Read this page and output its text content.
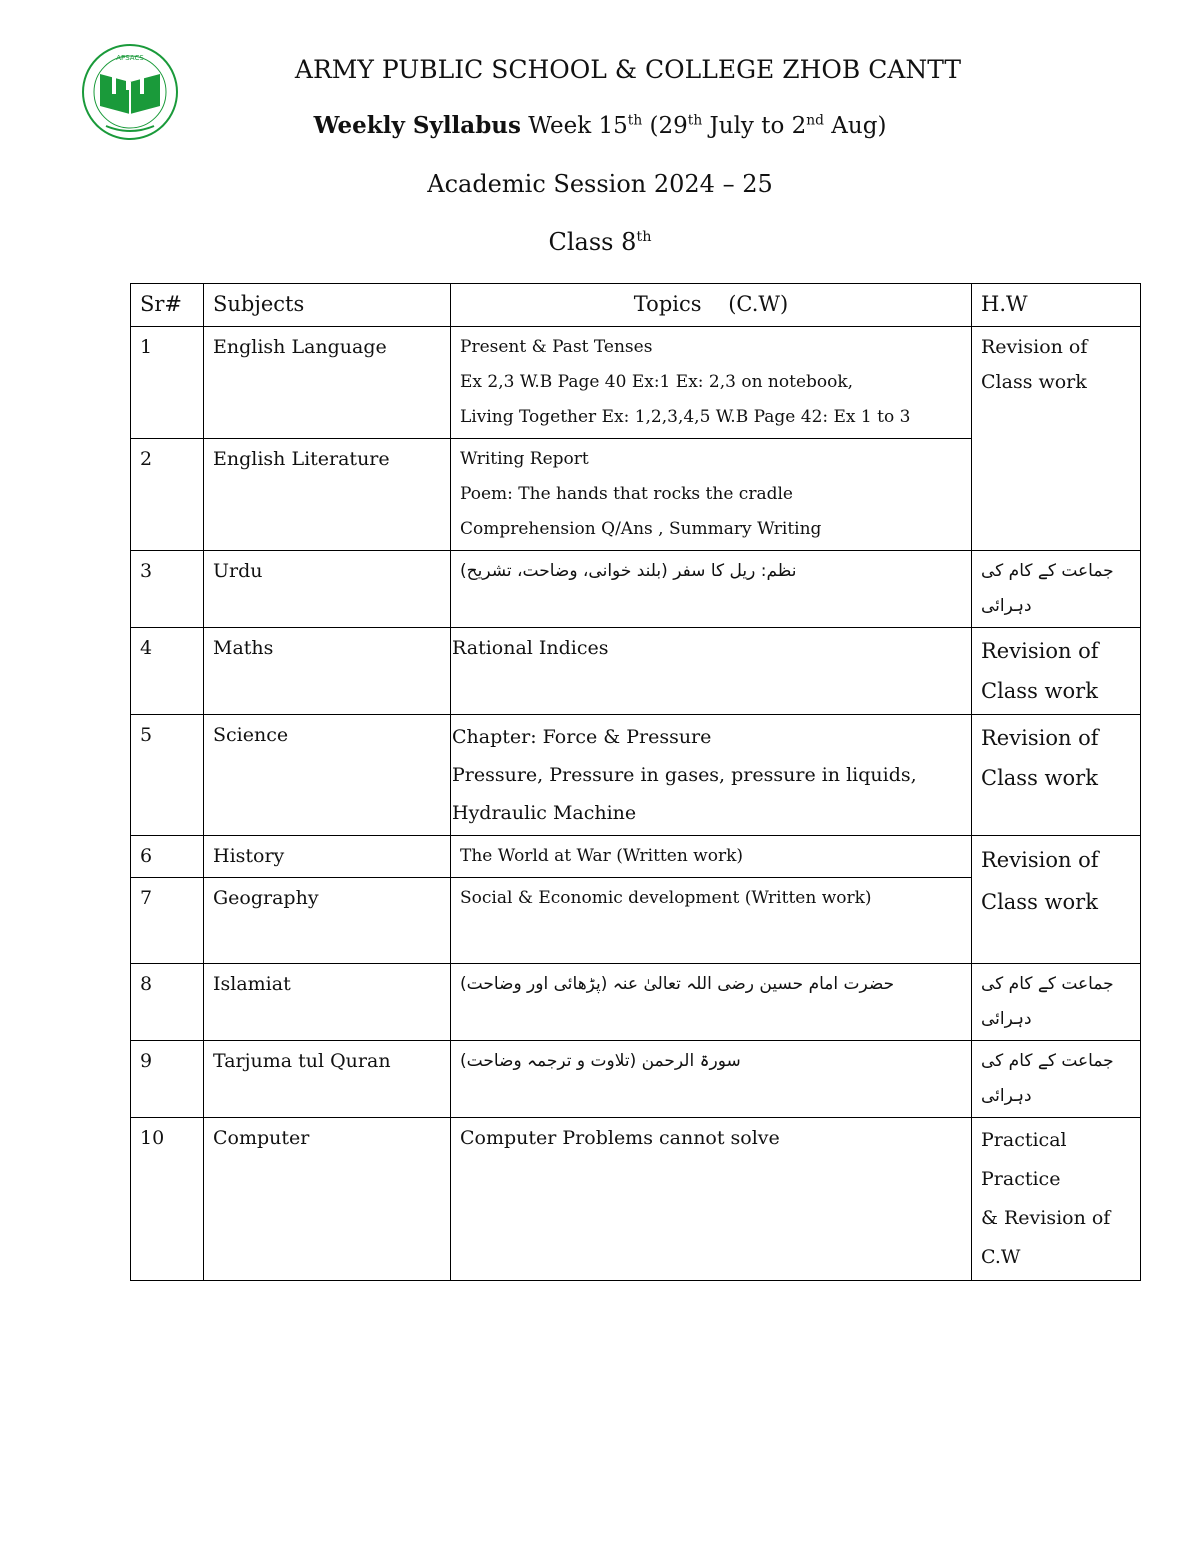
APSACS	ARMY PUBLIC SCHOOL & COLLEGE ZHOB CANTT
Weekly Syllabus Week 15th (29th July to 2nd Aug)
Academic Session 2024 – 25
Class 8th
Sr#	Subjects	Topics    (C.W)	H.W
1	English Language	Present & Past Tenses
Ex 2,3 W.B Page 40 Ex:1 Ex: 2,3 on notebook,
Living Together Ex: 1,2,3,4,5 W.B Page 42: Ex 1 to 3	Revision of
Class work

2	English Literature	Writing Report
Poem: The hands that rocks the cradle
Comprehension Q/Ans , Summary Writing	

3	Urdu	نظم: ریل کا سفر (بلند خوانی، وضاحت، تشریح)	جماعت کے کام کی دہرائی
4	Maths	Rational Indices	Revision of
Class work

5	Science	Chapter: Force & Pressure
Pressure, Pressure in gases, pressure in liquids,
Hydraulic Machine	Revision of
Class work

6	History	The World at War (Written work)	Revision of
Class work

7	Geography	Social & Economic development (Written work)	
8	Islamiat	حضرت امام حسین رضی اللہ تعالیٰ عنہ (پڑھائی اور وضاحت)	جماعت کے کام کی دہرائی
9	Tarjuma tul Quran	سورۃ الرحمن (تلاوت و ترجمہ وضاحت)	جماعت کے کام کی دہرائی
10	Computer	Computer Problems cannot solve	Practical
Practice
& Revision of
C.W
